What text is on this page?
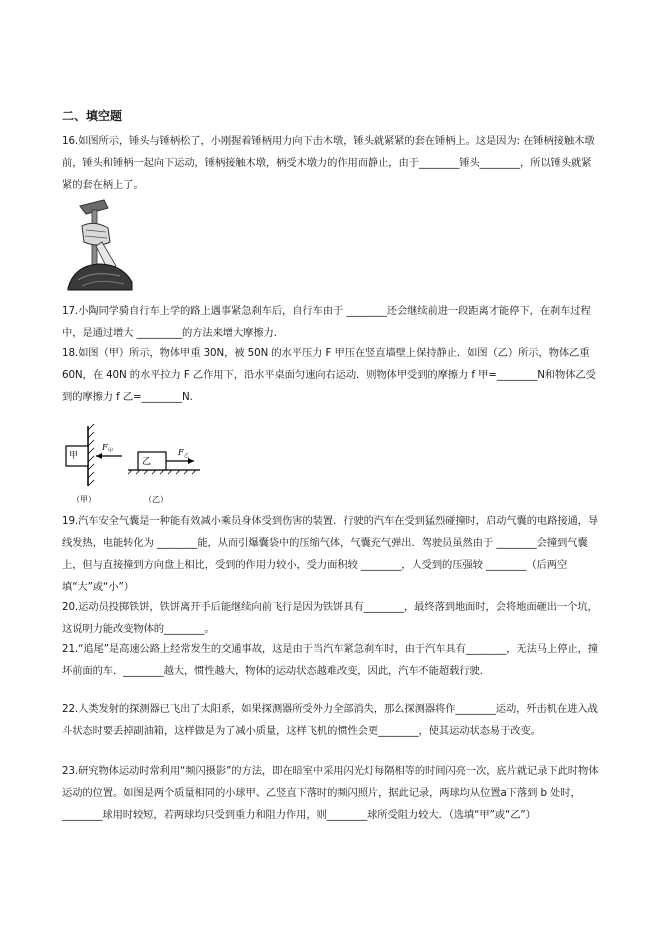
二、填空题
16.如图所示，锤头与锤柄松了，小刚握着锤柄用力向下击木墩，锤头就紧紧的套在锤柄上。这是因为: 在锤柄接触木墩前，锤头和锤柄一起向下运动，锤柄接触木墩，柄受木墩力的作用而静止，由于________锤头________，所以锤头就紧紧的套在柄上了。
17.小陶同学骑自行车上学的路上遇事紧急刹车后，自行车由于 ________还会继续前进一段距离才能停下，在刹车过程中，是通过增大 _________的方法来增大摩擦力.
18.如图（甲）所示，物体甲重 30N，被 50N 的水平压力 F 甲压在竖直墙壁上保持静止．如图（乙）所示，物体乙重 60N，在 40N 的水平拉力 F 乙作用下，沿水平桌面匀速向右运动．则物体甲受到的摩擦力 f 甲=________N和物体乙受到的摩擦力 f 乙=________N.
甲
F 甲
乙
F 乙
（甲）	（乙）
19.汽车安全气囊是一种能有效减小乘员身体受到伤害的装置．行驶的汽车在受到猛烈碰撞时，启动气囊的电路接通，导线发热，电能转化为 ________能，从而引爆囊袋中的压缩气体，气囊充气弹出．驾驶员虽然由于 ________会撞到气囊上，但与直接撞到方向盘上相比，受到的作用力较小，受力面积较 ________，人受到的压强较 ________（后两空填“大”或“小”）
20.运动员投掷铁饼，铁饼离开手后能继续向前飞行是因为铁饼具有________，最终落到地面时，会将地面砸出一个坑，这说明力能改变物体的________。
21.“追尾”是高速公路上经常发生的交通事故，这是由于当汽车紧急刹车时，由于汽车具有________，无法马上停止，撞坏前面的车．________越大，惯性越大，物体的运动状态越难改变，因此，汽车不能超载行驶.
22.人类发射的探测器已飞出了太阳系，如果探测器所受外力全部消失，那么探测器将作________运动，歼击机在进入战斗状态时要丢掉副油箱，这样做是为了减小质量，这样飞机的惯性会更________，使其运动状态易于改变。
23.研究物体运动时常利用“频闪摄影”的方法，即在暗室中采用闪光灯每隔相等的时间闪亮一次，底片就记录下此时物体运动的位置。如图是两个质量相同的小球甲、乙竖直下落时的频闪照片，据此记录，两球均从位置a下落到 b 处时，________球用时较短，若两球均只受到重力和阻力作用，则________球所受阻力较大．（选填“甲”或“乙”）
